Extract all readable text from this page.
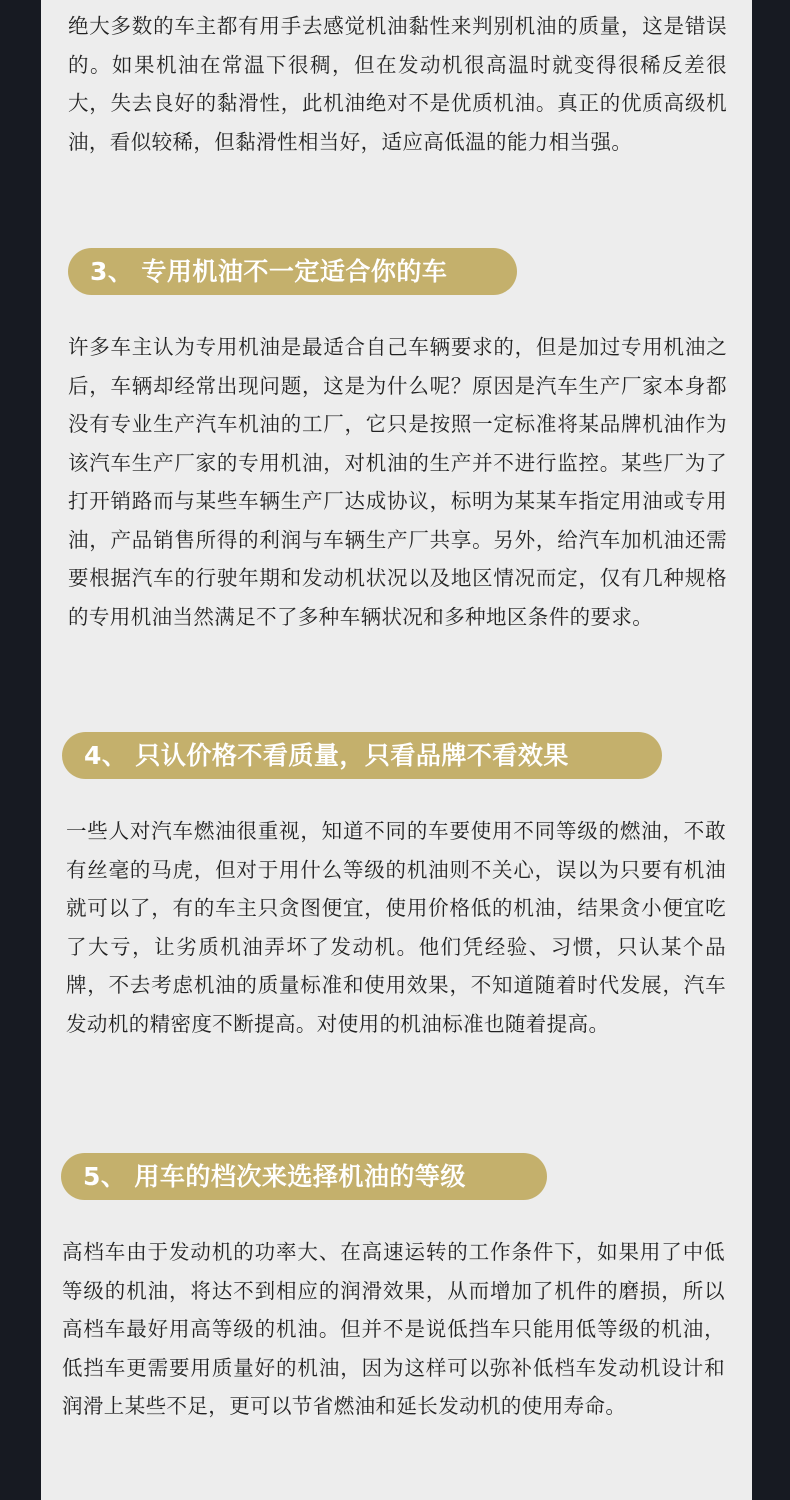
绝大多数的车主都有用手去感觉机油黏性来判别机油的质量，这是错误的。如果机油在常温下很稠，但在发动机很高温时就变得很稀反差很大，失去良好的黏滑性，此机油绝对不是优质机油。真正的优质高级机油，看似较稀，但黏滑性相当好，适应高低温的能力相当强。

3、 专用机油不一定适合你的车

许多车主认为专用机油是最适合自己车辆要求的，但是加过专用机油之后，车辆却经常出现问题，这是为什么呢？原因是汽车生产厂家本身都没有专业生产汽车机油的工厂，它只是按照一定标准将某品牌机油作为该汽车生产厂家的专用机油，对机油的生产并不进行监控。某些厂为了打开销路而与某些车辆生产厂达成协议，标明为某某车指定用油或专用油，产品销售所得的利润与车辆生产厂共享。另外，给汽车加机油还需要根据汽车的行驶年期和发动机状况以及地区情况而定，仅有几种规格的专用机油当然满足不了多种车辆状况和多种地区条件的要求。

4、 只认价格不看质量，只看品牌不看效果

一些人对汽车燃油很重视，知道不同的车要使用不同等级的燃油，不敢有丝毫的马虎，但对于用什么等级的机油则不关心，误以为只要有机油就可以了，有的车主只贪图便宜，使用价格低的机油，结果贪小便宜吃了大亏，让劣质机油弄坏了发动机。他们凭经验、习惯，只认某个品牌，不去考虑机油的质量标准和使用效果，不知道随着时代发展，汽车发动机的精密度不断提高。对使用的机油标准也随着提高。

5、 用车的档次来选择机油的等级

高档车由于发动机的功率大、在高速运转的工作条件下，如果用了中低等级的机油，将达不到相应的润滑效果，从而增加了机件的磨损，所以高档车最好用高等级的机油。但并不是说低挡车只能用低等级的机油，低挡车更需要用质量好的机油，因为这样可以弥补低档车发动机设计和润滑上某些不足，更可以节省燃油和延长发动机的使用寿命。
